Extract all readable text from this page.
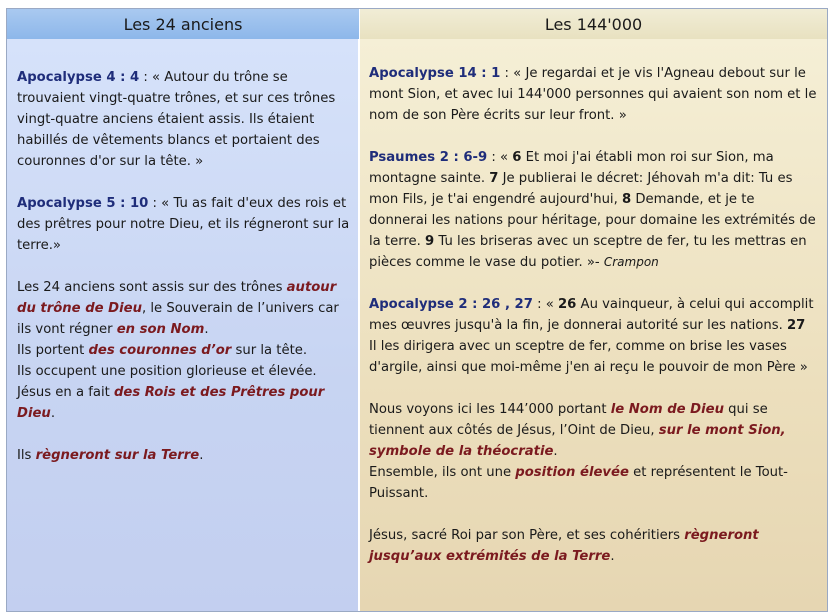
Les 24 anciens	Les 144'000

Apocalypse 4 : 4 : « Autour du trône se trouvaient vingt-quatre trônes, et sur ces trônes vingt-quatre anciens étaient assis. Ils étaient habillés de vêtements blancs et portaient des couronnes d'or sur la tête. »

Apocalypse 5 : 10 : « Tu as fait d'eux des rois et des prêtres pour notre Dieu, et ils régneront sur la terre.»

Les 24 anciens sont assis sur des trônes autour du trône de Dieu, le Souverain de l’univers car ils vont régner en son Nom.
Ils portent des couronnes d’or sur la tête.
Ils occupent une position glorieuse et élevée.
Jésus en a fait des Rois et des Prêtres pour Dieu.

Ils règneront sur la Terre.

Apocalypse 14 : 1 : « Je regardai et je vis l'Agneau debout sur le mont Sion, et avec lui 144'000 personnes qui avaient son nom et le nom de son Père écrits sur leur front. »

Psaumes 2 : 6-9 : « 6 Et moi j'ai établi mon roi sur Sion, ma montagne sainte. 7 Je publierai le décret: Jéhovah m'a dit: Tu es mon Fils, je t'ai engendré aujourd'hui, 8 Demande, et je te donnerai les nations pour héritage, pour domaine les extrémités de la terre. 9 Tu les briseras avec un sceptre de fer, tu les mettras en pièces comme le vase du potier. »- Crampon

Apocalypse 2 : 26 , 27 : « 26 Au vainqueur, à celui qui accomplit mes œuvres jusqu'à la fin, je donnerai autorité sur les nations. 27 Il les dirigera avec un sceptre de fer, comme on brise les vases d'argile, ainsi que moi-même j'en ai reçu le pouvoir de mon Père »

Nous voyons ici les 144’000 portant le Nom de Dieu qui se tiennent aux côtés de Jésus, l’Oint de Dieu, sur le mont Sion, symbole de la théocratie.
Ensemble, ils ont une position élevée et représentent le Tout-Puissant.

Jésus, sacré Roi par son Père, et ses cohéritiers règneront jusqu’aux extrémités de la Terre.
